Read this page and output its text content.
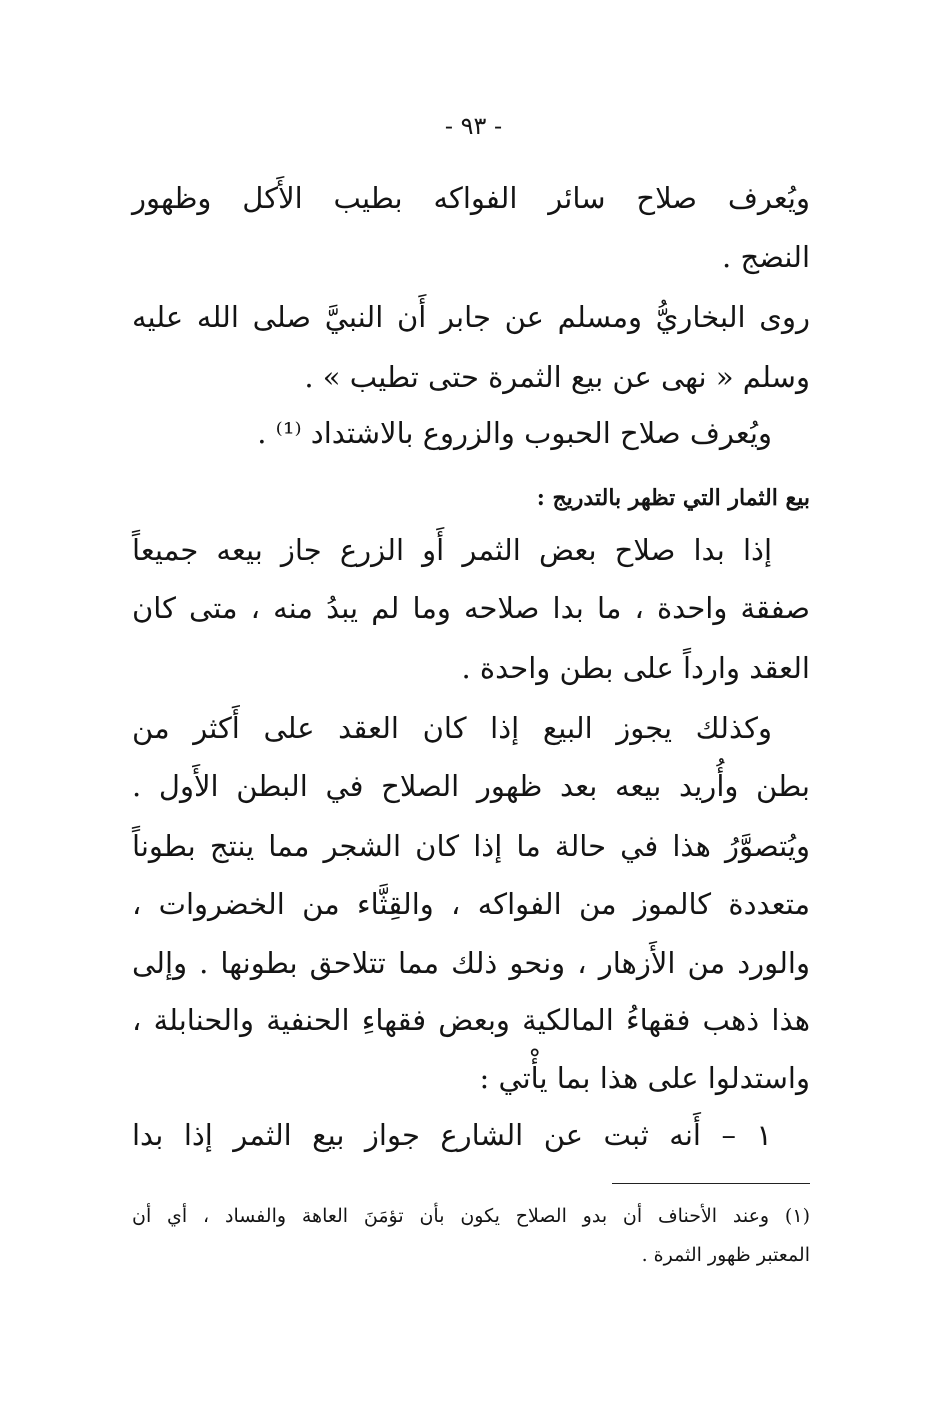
- ٩٣ -
ويُعرف صلاح سائر الفواكه بطيب الأَكل وظهور
النضج .
روى البخاريُّ ومسلم عن جابر أَن النبيَّ صلى الله عليه
وسلم « نهى عن بيع الثمرة حتى تطيب » .
ويُعرف صلاح الحبوب والزروع بالاشتداد ⁽¹⁾ .
بيع الثمار التي تظهر بالتدريج :
إذا بدا صلاح بعض الثمر أَو الزرع جاز بيعه جميعاً
صفقة واحدة ، ما بدا صلاحه وما لم يبدُ منه ، متى كان
العقد وارداً على بطن واحدة .
وكذلك يجوز البيع إذا كان العقد على أَكثر من
بطن وأُريد بيعه بعد ظهور الصلاح في البطن الأَول .
ويُتصوَّرُ هذا في حالة ما إذا كان الشجر مما ينتج بطوناً
متعددة كالموز من الفواكه ، والقِثَّاء من الخضروات ،
والورد من الأَزهار ، ونحو ذلك مما تتلاحق بطونها . وإلى
هذا ذهب فقهاءُ المالكية وبعض فقهاءِ الحنفية والحنابلة ،
واستدلوا على هذا بما يأْتي :
١ – أَنه ثبت عن الشارع جواز بيع الثمر إذا بدا
(١) وعند الأحناف أن بدو الصلاح يكون بأن تؤمَنَ العاهة والفساد ، أي أن
المعتبر ظهور الثمرة .
